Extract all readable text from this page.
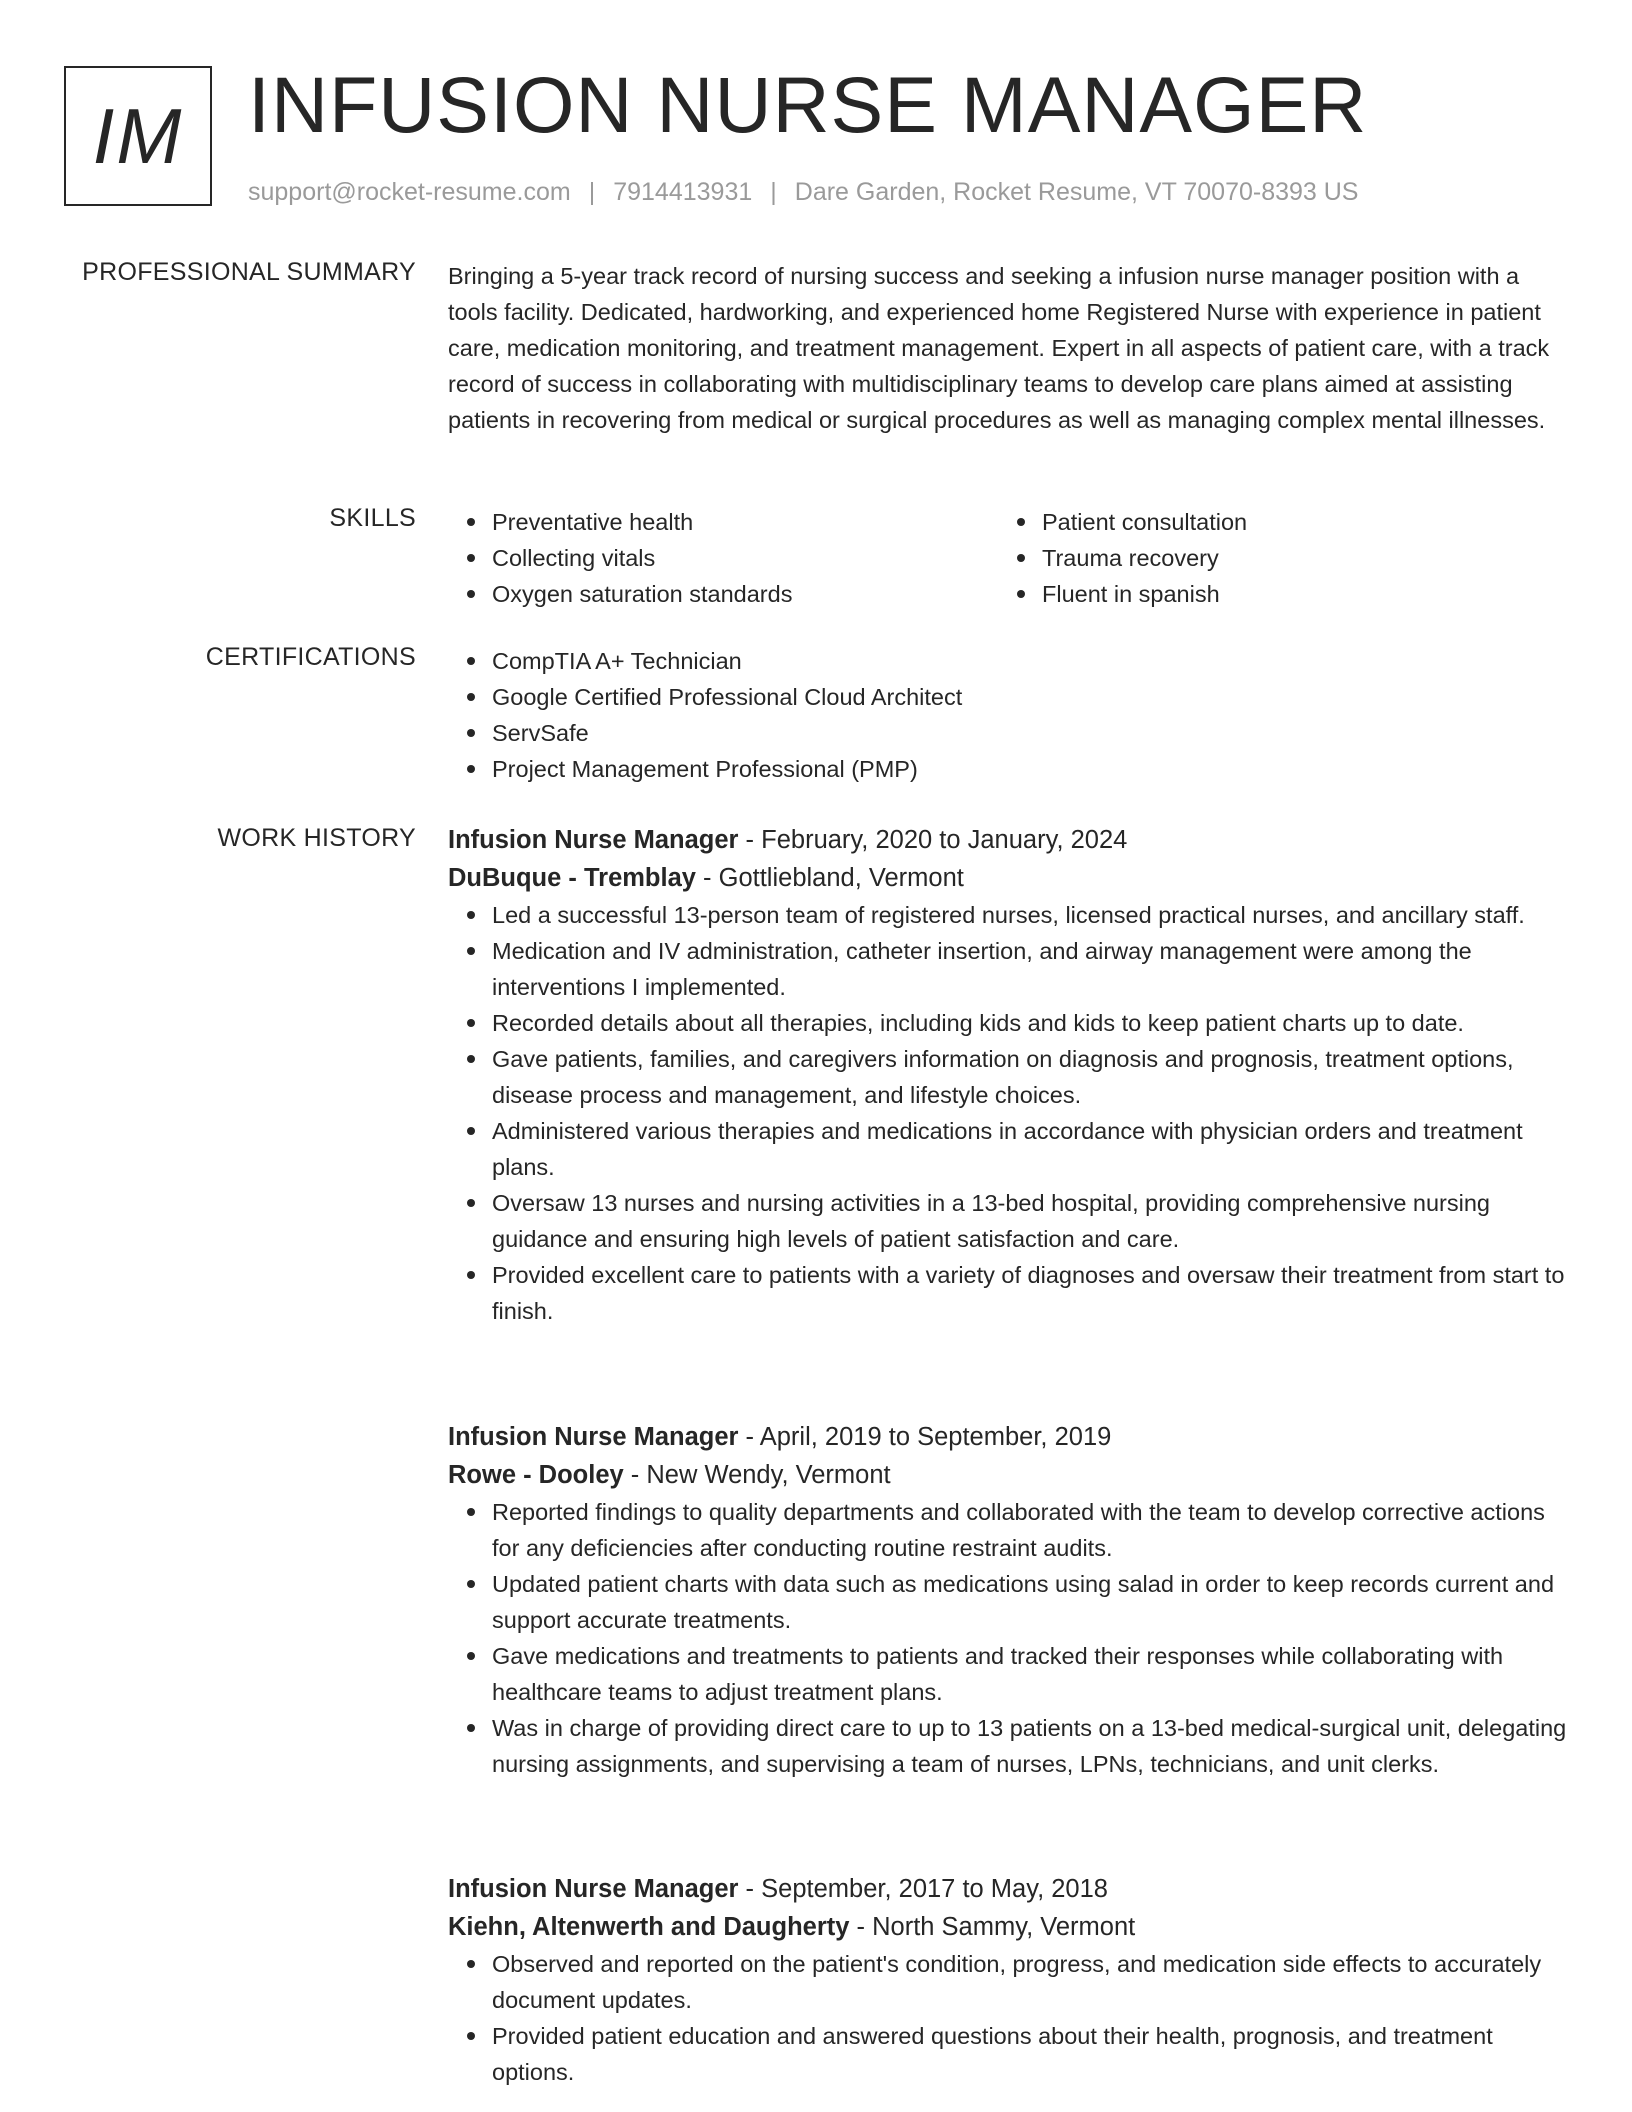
IM INFUSION NURSE MANAGER
support@rocket-resume.com | 7914413931 | Dare Garden, Rocket Resume, VT 70070-8393 US
PROFESSIONAL SUMMARY Bringing a 5-year track record of nursing success and seeking a infusion nurse manager position with a tools facility. Dedicated, hardworking, and experienced home Registered Nurse with experience in patient care, medication monitoring, and treatment management. Expert in all aspects of patient care, with a track record of success in collaborating with multidisciplinary teams to develop care plans aimed at assisting patients in recovering from medical or surgical procedures as well as managing complex mental illnesses.
SKILLS	Preventative health
Collecting vitals
Oxygen saturation standards
Patient consultation
Trauma recovery
Fluent in spanish
CERTIFICATIONS	CompTIA A+ Technician
Google Certified Professional Cloud Architect
ServSafe
Project Management Professional (PMP)
WORK HISTORY Infusion Nurse Manager - February, 2020 to January, 2024
DuBuque - Tremblay - Gottliebland, Vermont
Led a successful 13-person team of registered nurses, licensed practical nurses, and ancillary staff.
Medication and IV administration, catheter insertion, and airway management were among the interventions I implemented.
Recorded details about all therapies, including kids and kids to keep patient charts up to date.
Gave patients, families, and caregivers information on diagnosis and prognosis, treatment options, disease process and management, and lifestyle choices.
Administered various therapies and medications in accordance with physician orders and treatment plans.
Oversaw 13 nurses and nursing activities in a 13-bed hospital, providing comprehensive nursing guidance and ensuring high levels of patient satisfaction and care.
Provided excellent care to patients with a variety of diagnoses and oversaw their treatment from start to finish.
Infusion Nurse Manager - April, 2019 to September, 2019
Rowe - Dooley - New Wendy, Vermont
Reported findings to quality departments and collaborated with the team to develop corrective actions for any deficiencies after conducting routine restraint audits.
Updated patient charts with data such as medications using salad in order to keep records current and support accurate treatments.
Gave medications and treatments to patients and tracked their responses while collaborating with healthcare teams to adjust treatment plans.
Was in charge of providing direct care to up to 13 patients on a 13-bed medical-surgical unit, delegating nursing assignments, and supervising a team of nurses, LPNs, technicians, and unit clerks.
Infusion Nurse Manager - September, 2017 to May, 2018
Kiehn, Altenwerth and Daugherty - North Sammy, Vermont
Observed and reported on the patient's condition, progress, and medication side effects to accurately document updates.
Provided patient education and answered questions about their health, prognosis, and treatment options.
